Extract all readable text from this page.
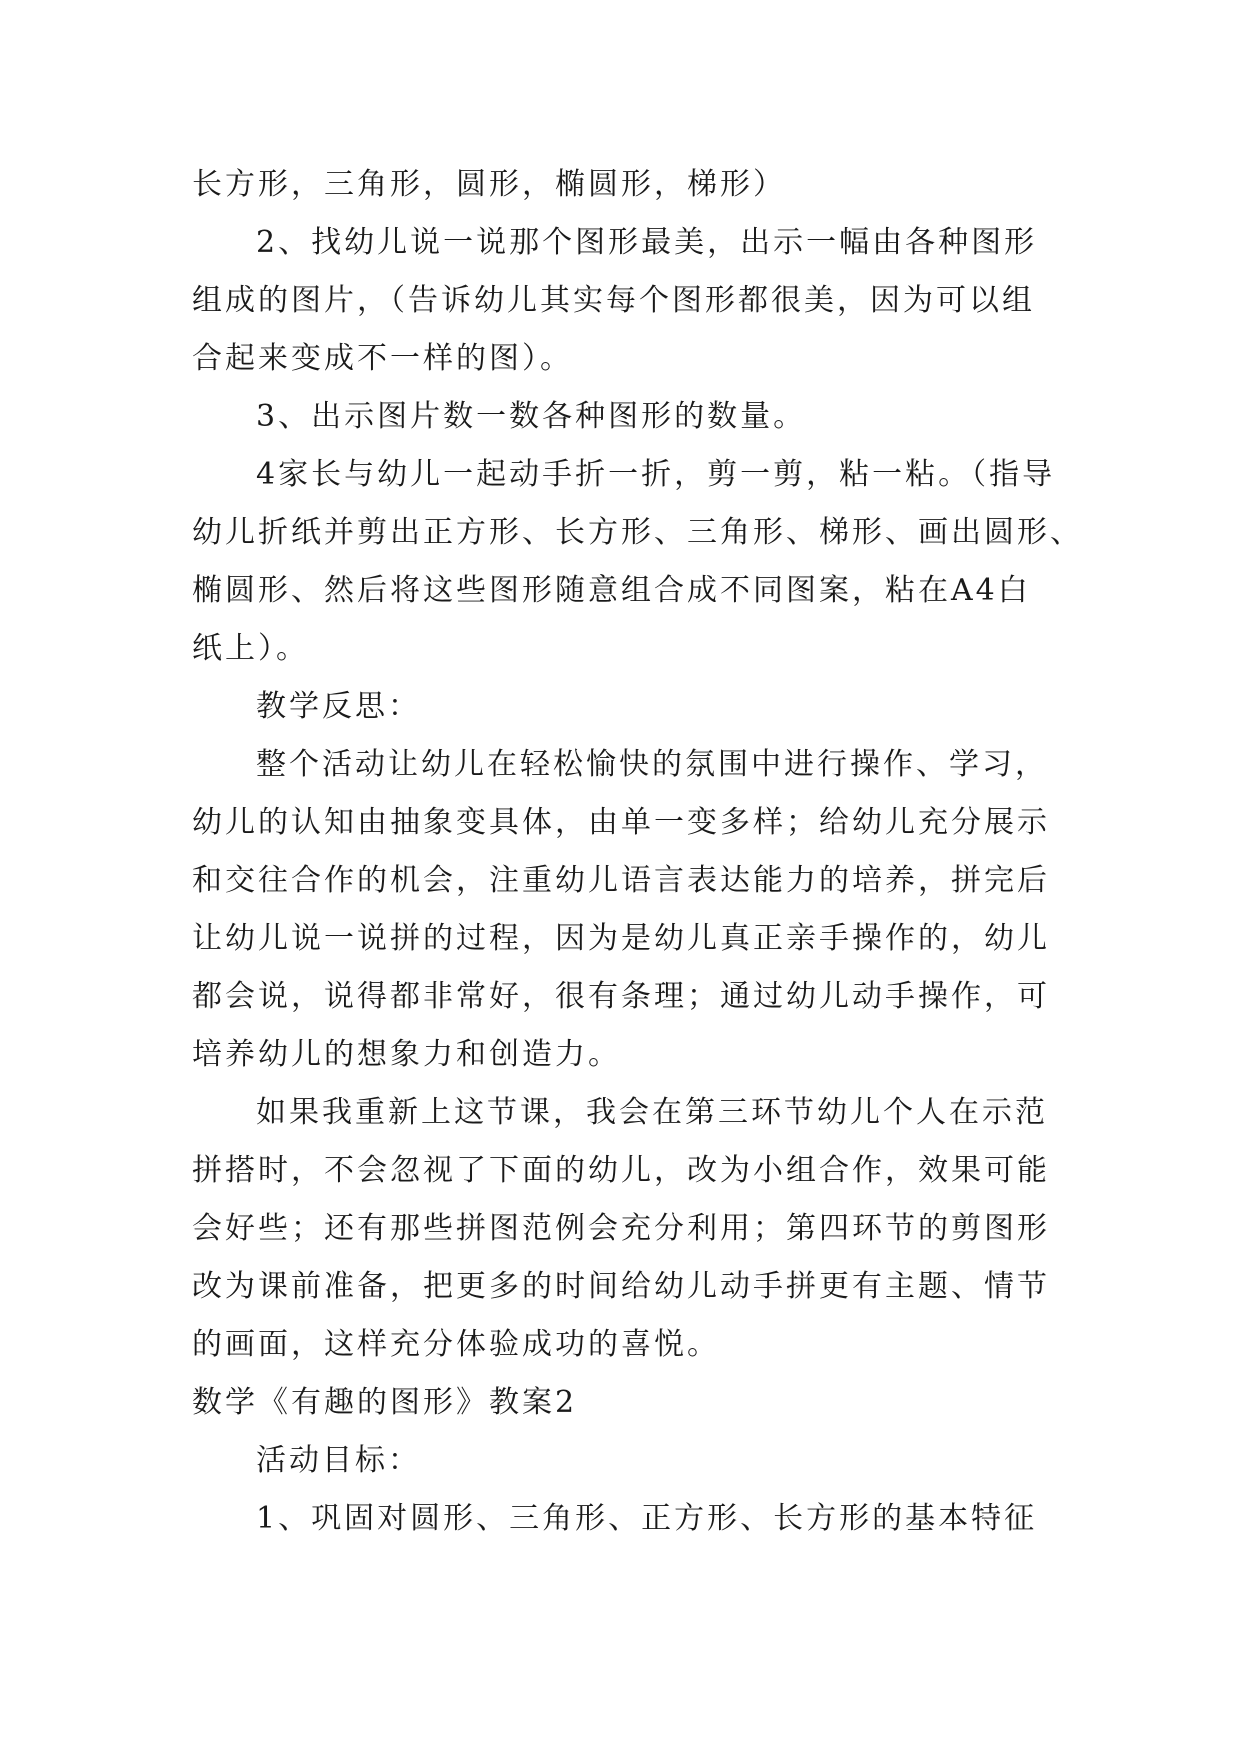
长方形，三角形，圆形，椭圆形，梯形）
2、找幼儿说一说那个图形最美，出示一幅由各种图形
组成的图片，（告诉幼儿其实每个图形都很美，因为可以组
合起来变成不一样的图）。
3、出示图片数一数各种图形的数量。
4家长与幼儿一起动手折一折，剪一剪，粘一粘。（指导
幼儿折纸并剪出正方形、长方形、三角形、梯形、画出圆形、
椭圆形、然后将这些图形随意组合成不同图案，粘在A4白
纸上）。
教学反思：
整个活动让幼儿在轻松愉快的氛围中进行操作、学习，
幼儿的认知由抽象变具体，由单一变多样；给幼儿充分展示
和交往合作的机会，注重幼儿语言表达能力的培养，拼完后
让幼儿说一说拼的过程，因为是幼儿真正亲手操作的，幼儿
都会说，说得都非常好，很有条理；通过幼儿动手操作，可
培养幼儿的想象力和创造力。
如果我重新上这节课，我会在第三环节幼儿个人在示范
拼搭时，不会忽视了下面的幼儿，改为小组合作，效果可能
会好些；还有那些拼图范例会充分利用；第四环节的剪图形
改为课前准备，把更多的时间给幼儿动手拼更有主题、情节
的画面，这样充分体验成功的喜悦。
数学《有趣的图形》教案2
活动目标：
1、巩固对圆形、三角形、正方形、长方形的基本特征
